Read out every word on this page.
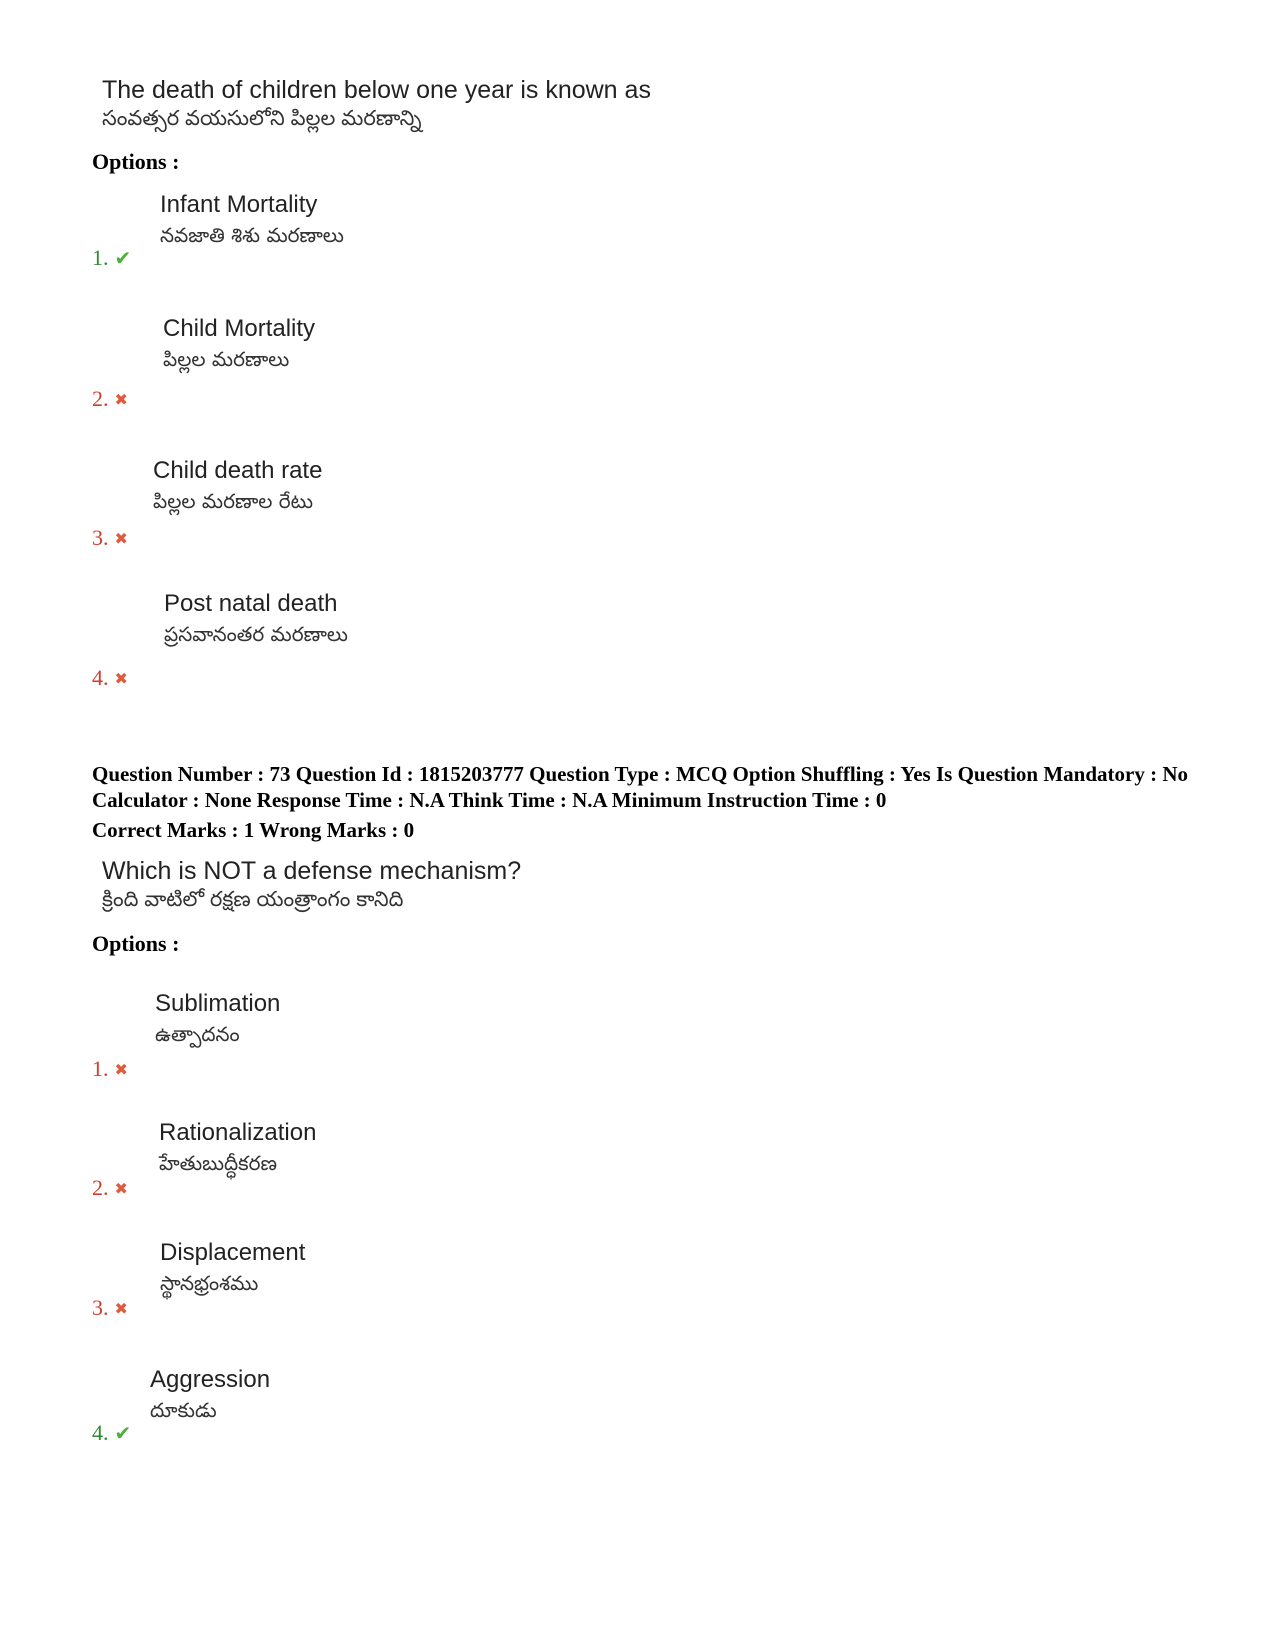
The death of children below one year is known as
సంవత్సర వయసులోని పిల్లల మరణాన్ని
Options :
Infant Mortality
నవజాతి శిశు మరణాలు
1. ✔
Child Mortality
పిల్లల మరణాలు
2. ✖
Child death rate
పిల్లల మరణాల రేటు
3. ✖
Post natal death
ప్రసవానంతర మరణాలు
4. ✖
Question Number : 73 Question Id : 1815203777 Question Type : MCQ Option Shuffling : Yes Is Question Mandatory : No Calculator : None Response Time : N.A Think Time : N.A Minimum Instruction Time : 0
Correct Marks : 1 Wrong Marks : 0
Which is NOT a defense mechanism?
క్రింది వాటిలో రక్షణ యంత్రాంగం కానిది
Options :
Sublimation
ఉత్పాదనం
1. ✖
Rationalization
హేతుబుద్ధీకరణ
2. ✖
Displacement
స్థానభ్రంశము
3. ✖
Aggression
దూకుడు
4. ✔
